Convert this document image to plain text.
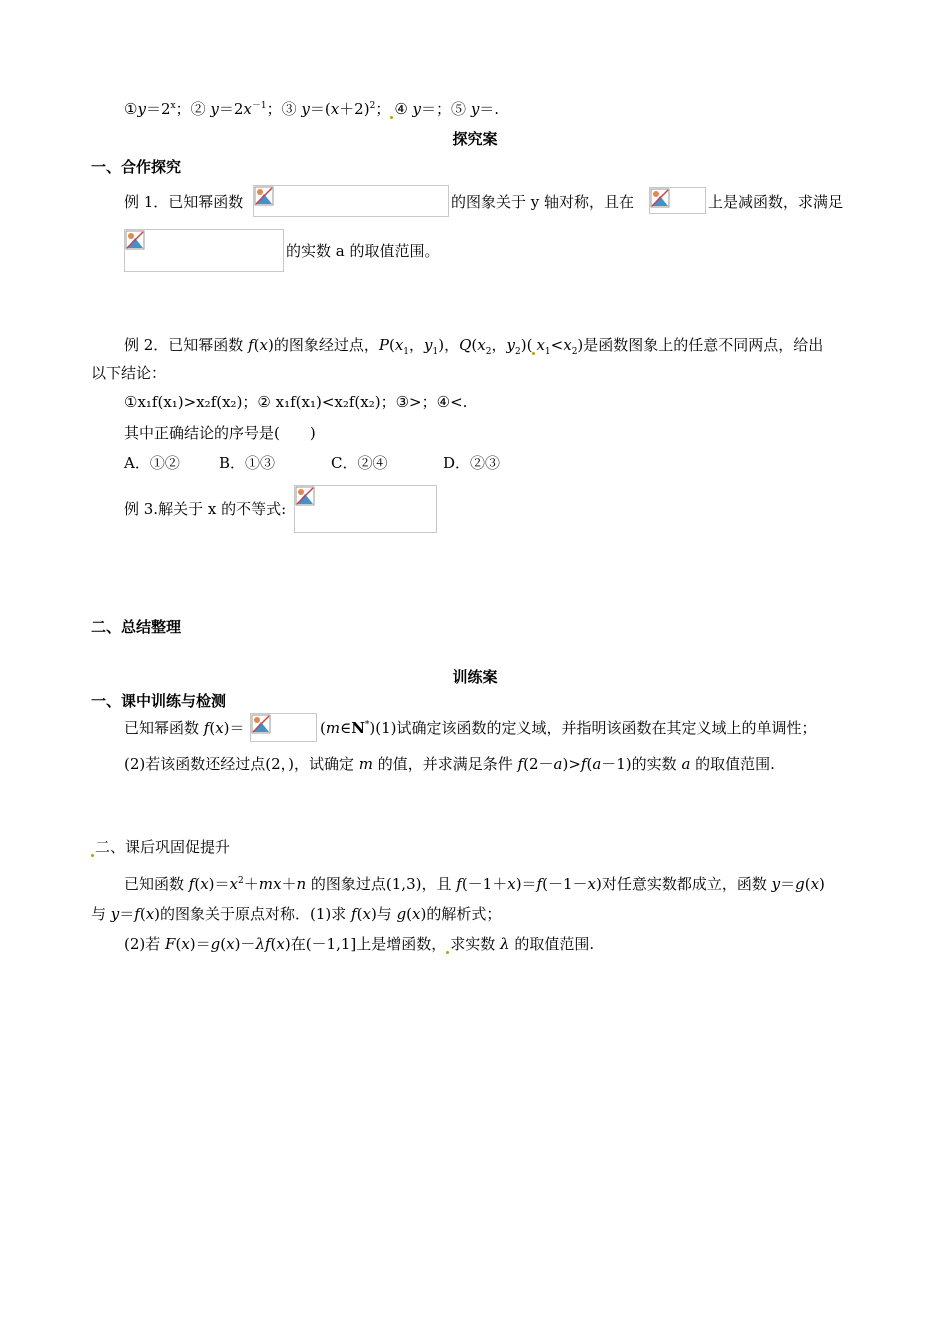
$①y=2^x$；② $y=2x^{-1}$；③ $y=(x+2)^2$； ④ y＝；⑤ y＝.
探究案
一、合作探究
例 1．已知幂函数	的图象关于 y 轴对称，且在	上是减函数，求满足
的实数 a 的取值范围。
例 2．已知幂函数 f(x)的图象经过点，$P(x_1$，$y_1$)，$Q(x_2$，$y_2$)( $x_1<x_2$)是函数图象上的任意不同两点，给出
以下结论：
①x₁f(x₁)>x₂f(x₂)；② x₁f(x₁)<x₂f(x₂)；③>；④<.
其中正确结论的序号是(　　)
A．①②	B．①③	C．②④	D．②③
例 3.解关于 x 的不等式:
二、总结整理
训练案
一、课中训练与检测
已知幂函数 f(x)＝	(m∈N*)(1)试确定该函数的定义域，并指明该函数在其定义域上的单调性；
(2)若该函数还经过点(2，)，试确定 m 的值，并求满足条件 f(2－a)>f(a－1)的实数 a 的取值范围.
二、课后巩固促提升
已知函数 $f(x)=x^2+mx+n$ 的图象过点(1,3)，且 f(－1＋x)＝f(－1－x)对任意实数都成立，函数 y＝g(x)
与 y＝f(x)的图象关于原点对称．(1)求 f(x)与 g(x)的解析式；
(2)若 F(x)＝g(x)－λf(x)在(－1,1]上是增函数， 求实数 λ 的取值范围.
